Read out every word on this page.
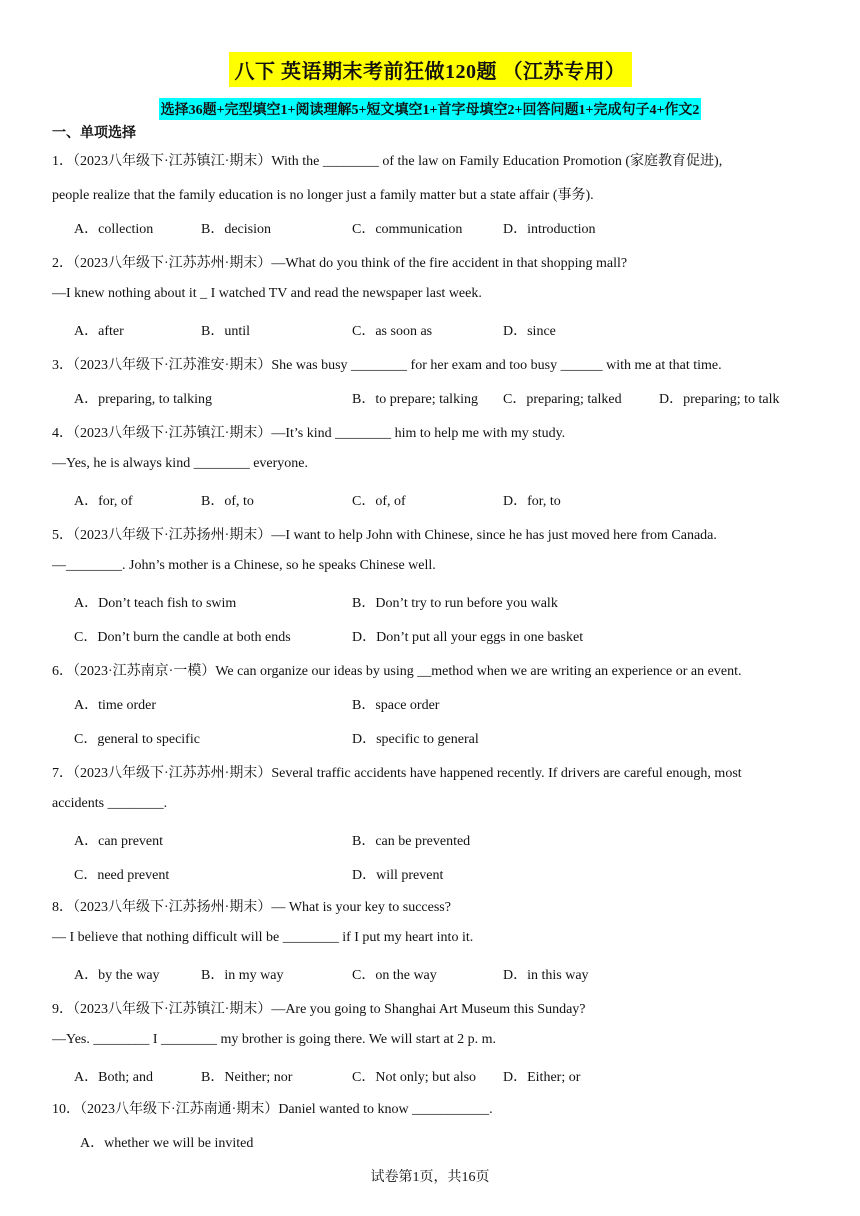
八下 英语期末考前狂做120题 （江苏专用）
选择36题+完型填空1+阅读理解5+短文填空1+首字母填空2+回答问题1+完成句子4+作文2
一、单项选择
1．（2023八年级下·江苏镇江·期末）With the ________ of the law on Family Education Promotion (家庭教育促进),
people realize that the family education is no longer just a family matter but a state affair (事务).
A．collection	B．decision	C．communication	D．introduction
2．（2023八年级下·江苏苏州·期末）—What do you think of the fire accident in that shopping mall?
—I knew nothing about it _ I watched TV and read the newspaper last week.
A．after	B．until	C．as soon as	D．since
3．（2023八年级下·江苏淮安·期末）She was busy ________ for her exam and too busy ______ with me at that time.
A．preparing, to talking	B．to prepare; talking C．preparing; talked	D．preparing; to talk
4．（2023八年级下·江苏镇江·期末）—It’s kind ________ him to help me with my study.
—Yes, he is always kind ________ everyone.
A．for, of	B．of, to	C．of, of	D．for, to
5．（2023八年级下·江苏扬州·期末）—I want to help John with Chinese, since he has just moved here from Canada.
—________. John’s mother is a Chinese, so he speaks Chinese well.
A．Don’t teach fish to swim	B．Don’t try to run before you walk
C．Don’t burn the candle at both ends	D．Don’t put all your eggs in one basket
6．（2023·江苏南京·一模）We can organize our ideas by using __method when we are writing an experience or an event.
A．time order	B．space order
C．general to specific	D．specific to general
7．（2023八年级下·江苏苏州·期末）Several traffic accidents have happened recently. If drivers are careful enough, most
accidents ________.
A．can prevent	B．can be prevented
C．need prevent	D．will prevent
8．（2023八年级下·江苏扬州·期末）— What is your key to success?
— I believe that nothing difficult will be ________ if I put my heart into it.
A．by the way	B．in my way	C．on the way	D．in this way
9．（2023八年级下·江苏镇江·期末）—Are you going to Shanghai Art Museum this Sunday?
—Yes. ________ I ________ my brother is going there. We will start at 2 p. m.
A．Both; and	B．Neither; nor	C．Not only; but also D．Either; or
10．（2023八年级下·江苏南通·期末）Daniel wanted to know ___________.
A．whether we will be invited
试卷第1页，共16页
